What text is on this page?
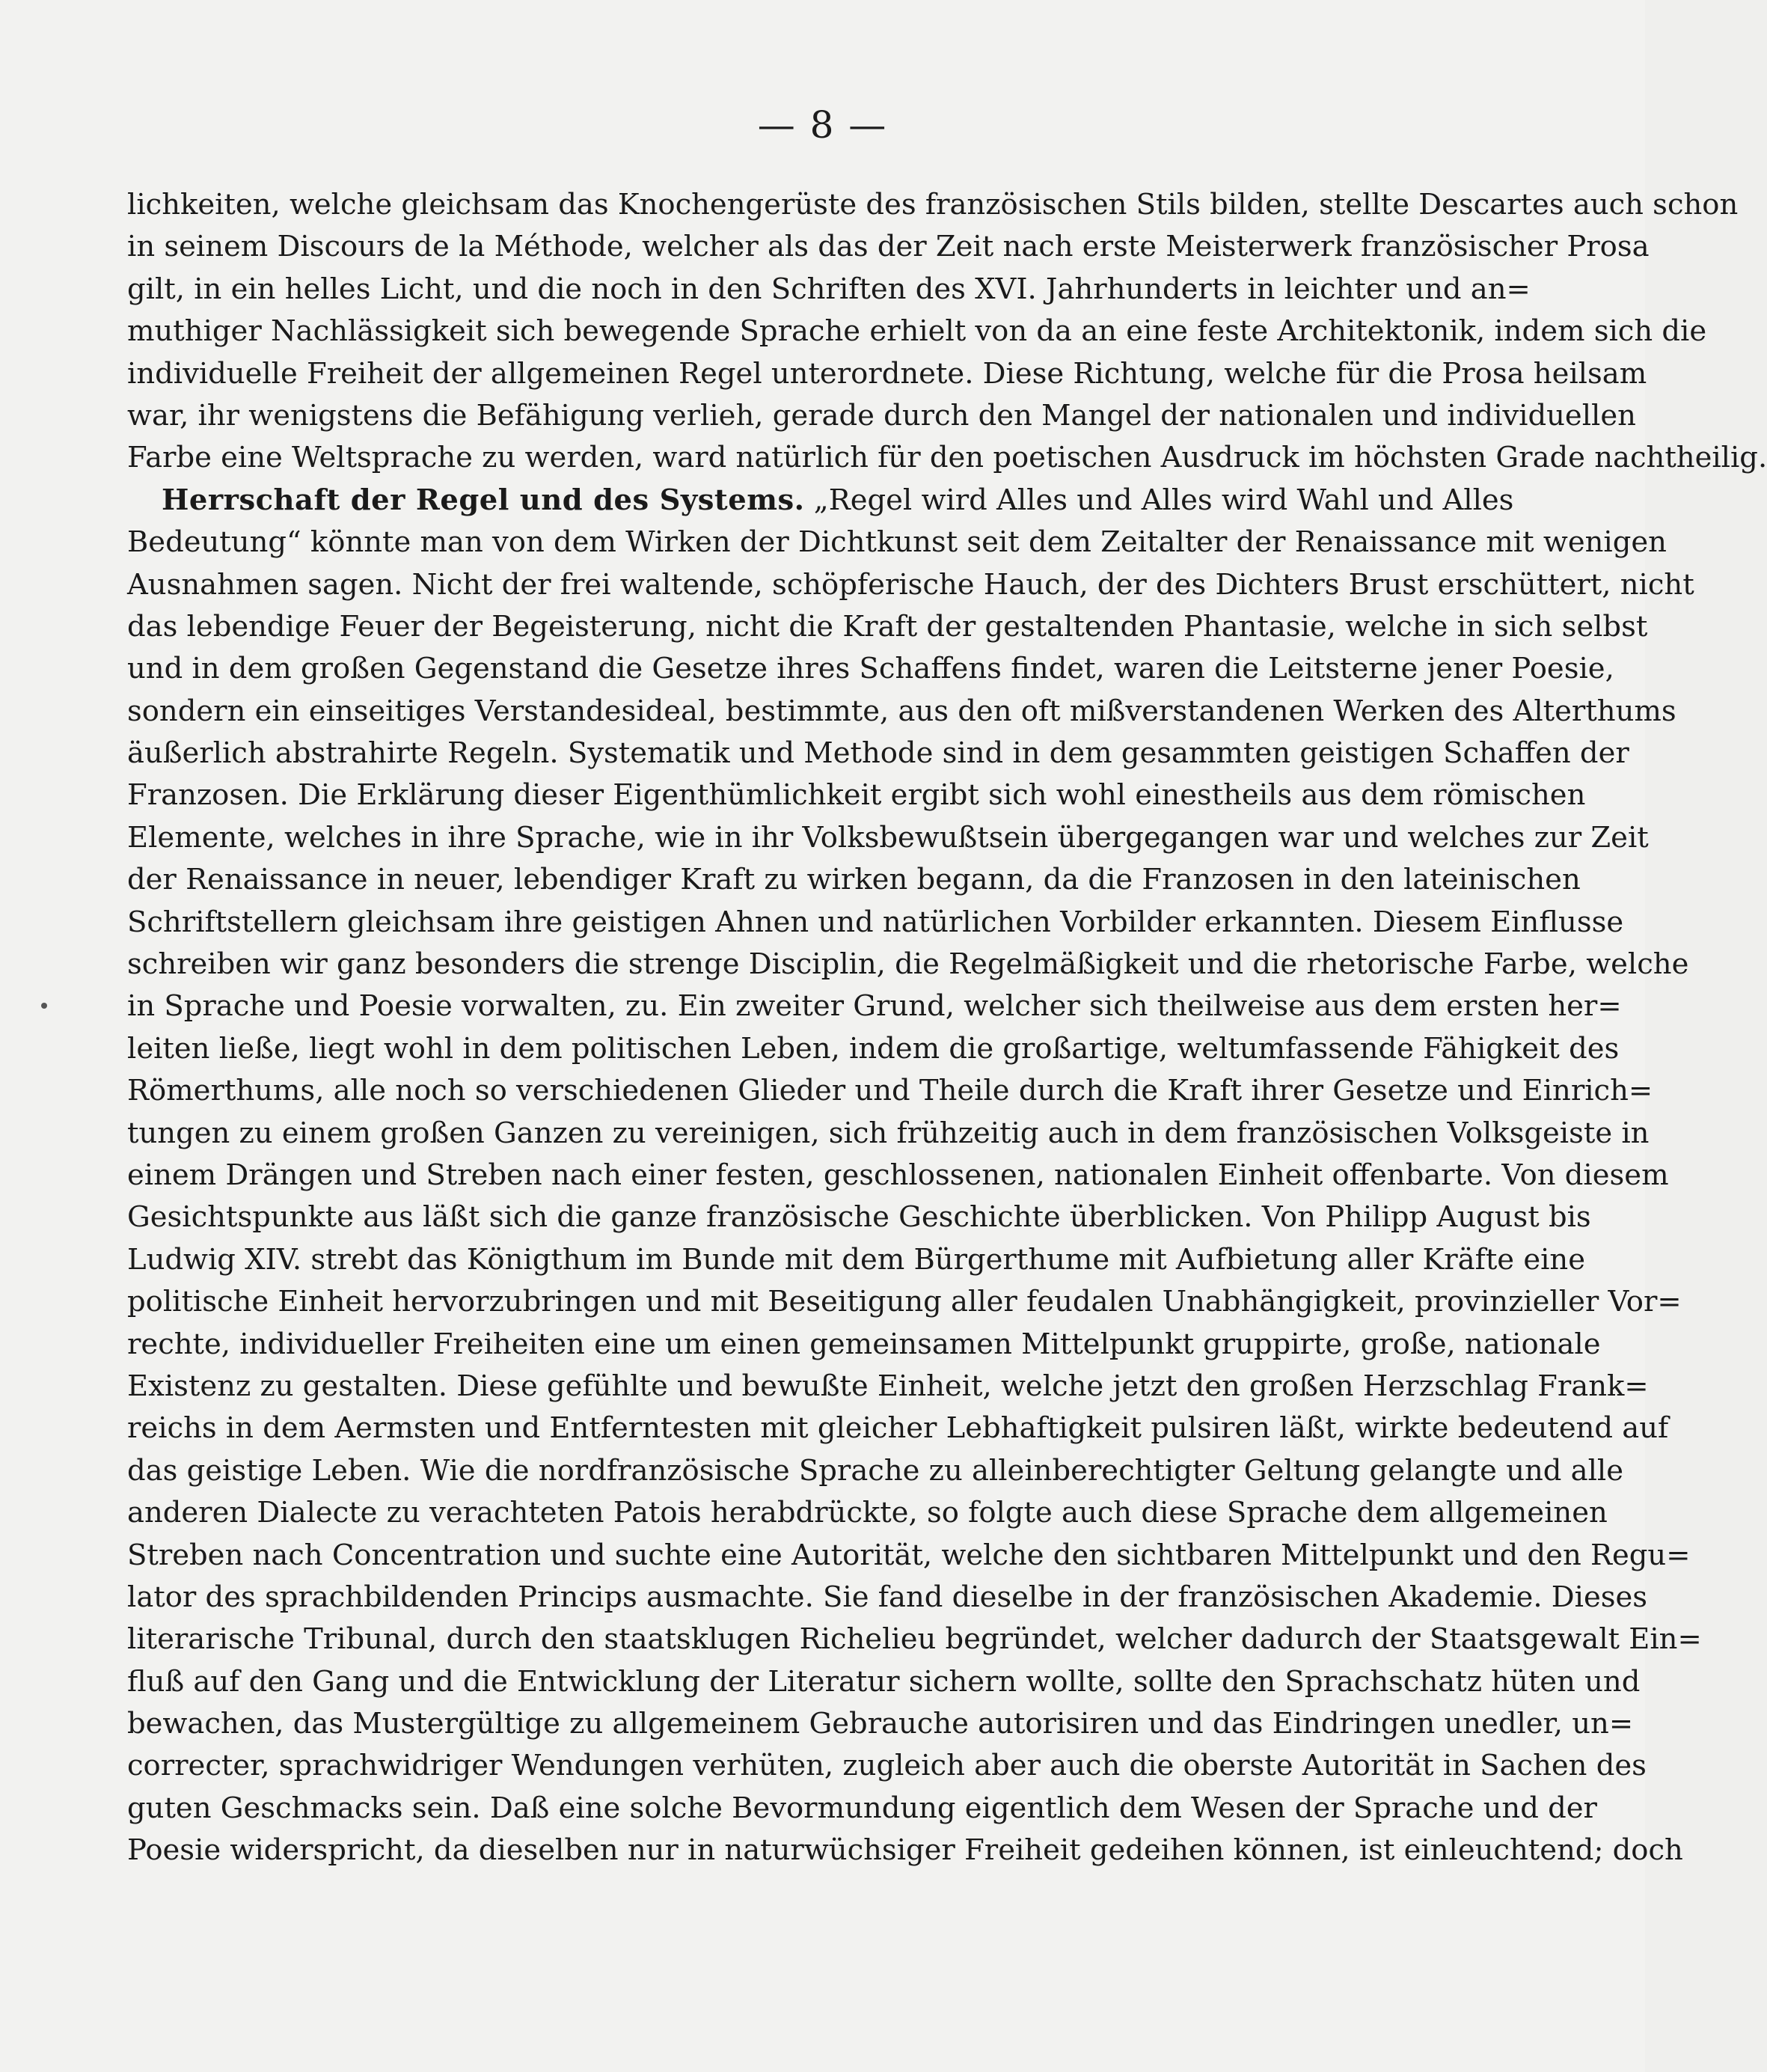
— 8 —
lichkeiten, welche gleichsam das Knochengerüste des französischen Stils bilden, stellte Descartes auch schon
in seinem Discours de la Méthode, welcher als das der Zeit nach erste Meisterwerk französischer Prosa
gilt, in ein helles Licht, und die noch in den Schriften des XVI. Jahrhunderts in leichter und an=
muthiger Nachlässigkeit sich bewegende Sprache erhielt von da an eine feste Architektonik, indem sich die
individuelle Freiheit der allgemeinen Regel unterordnete. Diese Richtung, welche für die Prosa heilsam
war, ihr wenigstens die Befähigung verlieh, gerade durch den Mangel der nationalen und individuellen
Farbe eine Weltsprache zu werden, ward natürlich für den poetischen Ausdruck im höchsten Grade nachtheilig.
Herrschaft der Regel und des Systems. „Regel wird Alles und Alles wird Wahl und Alles
Bedeutung“ könnte man von dem Wirken der Dichtkunst seit dem Zeitalter der Renaissance mit wenigen
Ausnahmen sagen. Nicht der frei waltende, schöpferische Hauch, der des Dichters Brust erschüttert, nicht
das lebendige Feuer der Begeisterung, nicht die Kraft der gestaltenden Phantasie, welche in sich selbst
und in dem großen Gegenstand die Gesetze ihres Schaffens findet, waren die Leitsterne jener Poesie,
sondern ein einseitiges Verstandesideal, bestimmte, aus den oft mißverstandenen Werken des Alterthums
äußerlich abstrahirte Regeln. Systematik und Methode sind in dem gesammten geistigen Schaffen der
Franzosen. Die Erklärung dieser Eigenthümlichkeit ergibt sich wohl einestheils aus dem römischen
Elemente, welches in ihre Sprache, wie in ihr Volksbewußtsein übergegangen war und welches zur Zeit
der Renaissance in neuer, lebendiger Kraft zu wirken begann, da die Franzosen in den lateinischen
Schriftstellern gleichsam ihre geistigen Ahnen und natürlichen Vorbilder erkannten. Diesem Einflusse
schreiben wir ganz besonders die strenge Disciplin, die Regelmäßigkeit und die rhetorische Farbe, welche
in Sprache und Poesie vorwalten, zu. Ein zweiter Grund, welcher sich theilweise aus dem ersten her=
leiten ließe, liegt wohl in dem politischen Leben, indem die großartige, weltumfassende Fähigkeit des
Römerthums, alle noch so verschiedenen Glieder und Theile durch die Kraft ihrer Gesetze und Einrich=
tungen zu einem großen Ganzen zu vereinigen, sich frühzeitig auch in dem französischen Volksgeiste in
einem Drängen und Streben nach einer festen, geschlossenen, nationalen Einheit offenbarte. Von diesem
Gesichtspunkte aus läßt sich die ganze französische Geschichte überblicken. Von Philipp August bis
Ludwig XIV. strebt das Königthum im Bunde mit dem Bürgerthume mit Aufbietung aller Kräfte eine
politische Einheit hervorzubringen und mit Beseitigung aller feudalen Unabhängigkeit, provinzieller Vor=
rechte, individueller Freiheiten eine um einen gemeinsamen Mittelpunkt gruppirte, große, nationale
Existenz zu gestalten. Diese gefühlte und bewußte Einheit, welche jetzt den großen Herzschlag Frank=
reichs in dem Aermsten und Entferntesten mit gleicher Lebhaftigkeit pulsiren läßt, wirkte bedeutend auf
das geistige Leben. Wie die nordfranzösische Sprache zu alleinberechtigter Geltung gelangte und alle
anderen Dialecte zu verachteten Patois herabdrückte, so folgte auch diese Sprache dem allgemeinen
Streben nach Concentration und suchte eine Autorität, welche den sichtbaren Mittelpunkt und den Regu=
lator des sprachbildenden Princips ausmachte. Sie fand dieselbe in der französischen Akademie. Dieses
literarische Tribunal, durch den staatsklugen Richelieu begründet, welcher dadurch der Staatsgewalt Ein=
fluß auf den Gang und die Entwicklung der Literatur sichern wollte, sollte den Sprachschatz hüten und
bewachen, das Mustergültige zu allgemeinem Gebrauche autorisiren und das Eindringen unedler, un=
correcter, sprachwidriger Wendungen verhüten, zugleich aber auch die oberste Autorität in Sachen des
guten Geschmacks sein. Daß eine solche Bevormundung eigentlich dem Wesen der Sprache und der
Poesie widerspricht, da dieselben nur in naturwüchsiger Freiheit gedeihen können, ist einleuchtend; doch
